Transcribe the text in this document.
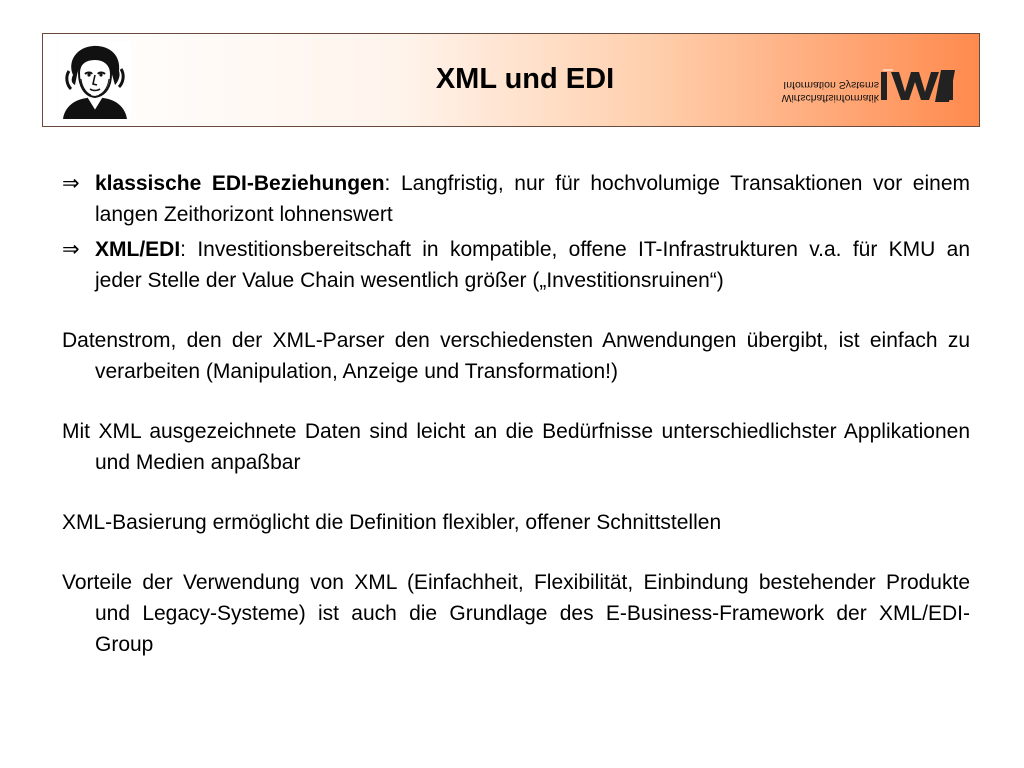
XML und EDI
Wirtschaftsinformatik
Information Systems
⇒ klassische EDI-Beziehungen: Langfristig, nur für hochvolumige Transaktionen vor einem langen Zeithorizont lohnenswert
⇒ XML/EDI: Investitionsbereitschaft in kompatible, offene IT-Infrastrukturen v.a. für KMU an jeder Stelle der Value Chain wesentlich größer („Investitionsruinen“)
Datenstrom, den der XML-Parser den verschiedensten Anwendungen übergibt, ist einfach zu verarbeiten (Manipulation, Anzeige und Transformation!)
Mit XML ausgezeichnete Daten sind leicht an die Bedürfnisse unterschiedlichster Applikationen und Medien anpaßbar
XML-Basierung ermöglicht die Definition flexibler, offener Schnittstellen
Vorteile der Verwendung von XML (Einfachheit, Flexibilität, Einbindung bestehender Produkte und Legacy-Systeme) ist auch die Grundlage des E-Business-Framework der XML/EDI-Group
